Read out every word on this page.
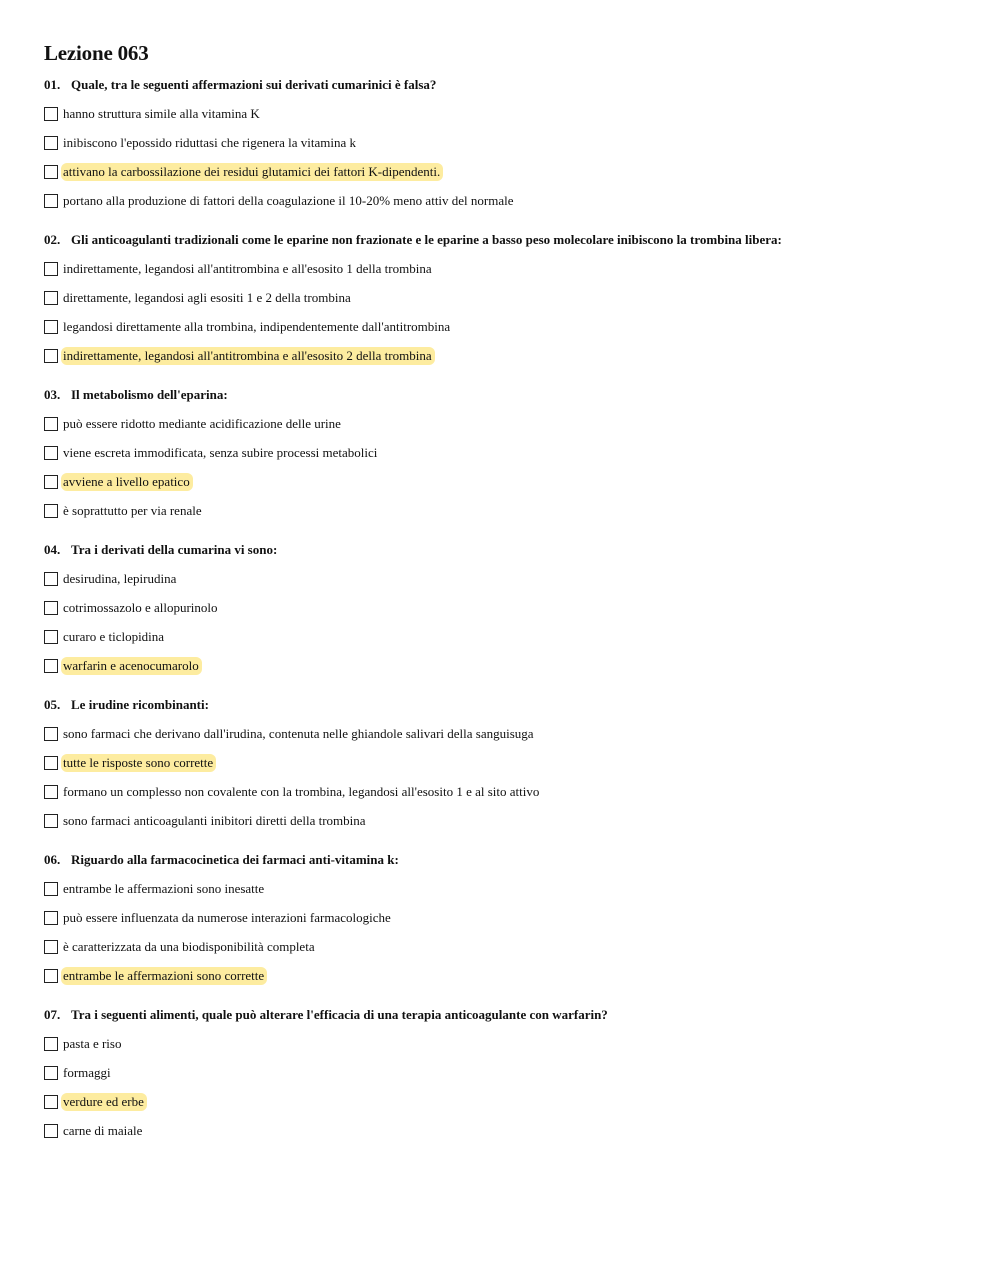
Lezione 063
01. Quale, tra le seguenti affermazioni sui derivati cumarinici è falsa?
hanno struttura simile alla vitamina K
inibiscono l'epossido riduttasi che rigenera la vitamina k
attivano la carbossilazione dei residui glutamici dei fattori K-dipendenti.
portano alla produzione di fattori della coagulazione il 10-20% meno attiv del normale
02. Gli anticoagulanti tradizionali come le eparine non frazionate e le eparine a basso peso molecolare inibiscono la trombina libera:
indirettamente, legandosi all'antitrombina e all'esosito 1 della trombina
direttamente, legandosi agli esositi 1 e 2 della trombina
legandosi direttamente alla trombina, indipendentemente dall'antitrombina
indirettamente, legandosi all'antitrombina e all'esosito 2 della trombina
03. Il metabolismo dell'eparina:
può essere ridotto mediante acidificazione delle urine
viene escreta immodificata, senza subire processi metabolici
avviene a livello epatico
è soprattutto per via renale
04. Tra i derivati della cumarina vi sono:
desirudina, lepirudina
cotrimossazolo e allopurinolo
curaro e ticlopidina
warfarin e acenocumarolo
05. Le irudine ricombinanti:
sono farmaci che derivano dall'irudina, contenuta nelle ghiandole salivari della sanguisuga
tutte le risposte sono corrette
formano un complesso non covalente con la trombina, legandosi all'esosito 1 e al sito attivo
sono farmaci anticoagulanti inibitori diretti della trombina
06. Riguardo alla farmacocinetica dei farmaci anti-vitamina k:
entrambe le affermazioni sono inesatte
può essere influenzata da numerose interazioni farmacologiche
è caratterizzata da una biodisponibilità completa
entrambe le affermazioni sono corrette
07. Tra i seguenti alimenti, quale può alterare l'efficacia di una terapia anticoagulante con warfarin?
pasta e riso
formaggi
verdure ed erbe
carne di maiale
